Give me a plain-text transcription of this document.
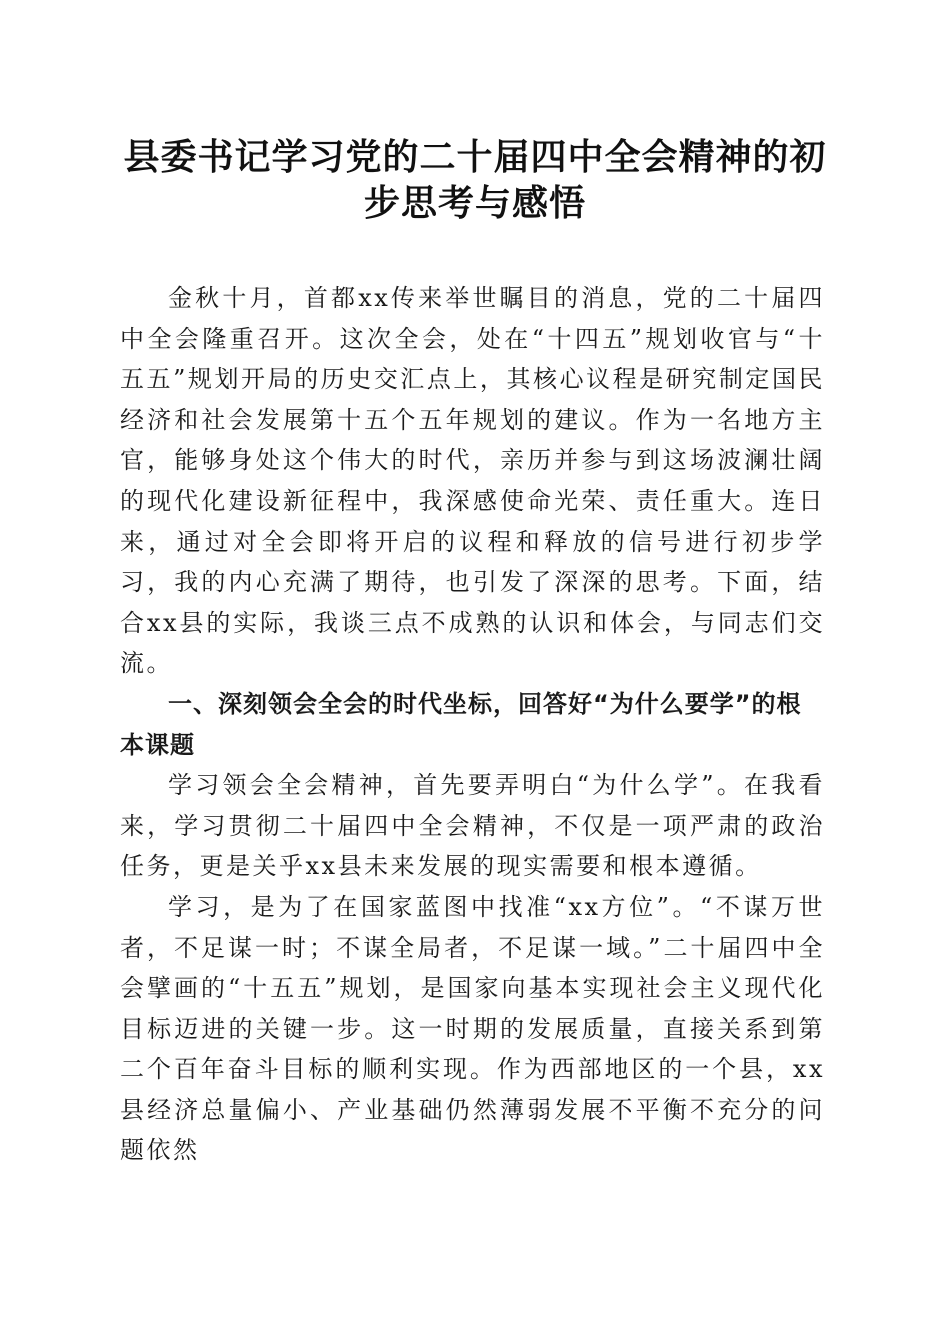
县委书记学习党的二十届四中全会精神的初步思考与感悟

金秋十月，首都xx传来举世瞩目的消息，党的二十届四中全会隆重召开。这次全会，处在“十四五”规划收官与“十五五”规划开局的历史交汇点上，其核心议程是研究制定国民经济和社会发展第十五个五年规划的建议。作为一名地方主官，能够身处这个伟大的时代，亲历并参与到这场波澜壮阔的现代化建设新征程中，我深感使命光荣、责任重大。连日来，通过对全会即将开启的议程和释放的信号进行初步学习，我的内心充满了期待，也引发了深深的思考。下面，结合xx县的实际，我谈三点不成熟的认识和体会，与同志们交流。

一、深刻领会全会的时代坐标，回答好“为什么要学”的根本课题

学习领会全会精神，首先要弄明白“为什么学”。在我看来，学习贯彻二十届四中全会精神，不仅是一项严肃的政治任务，更是关乎xx县未来发展的现实需要和根本遵循。

学习，是为了在国家蓝图中找准“xx方位”。“不谋万世者，不足谋一时；不谋全局者，不足谋一域。”二十届四中全会擘画的“十五五”规划，是国家向基本实现社会主义现代化目标迈进的关键一步。这一时期的发展质量，直接关系到第二个百年奋斗目标的顺利实现。作为西部地区的一个县，xx县经济总量偏小、产业基础仍然薄弱发展不平衡不充分的问题依然
